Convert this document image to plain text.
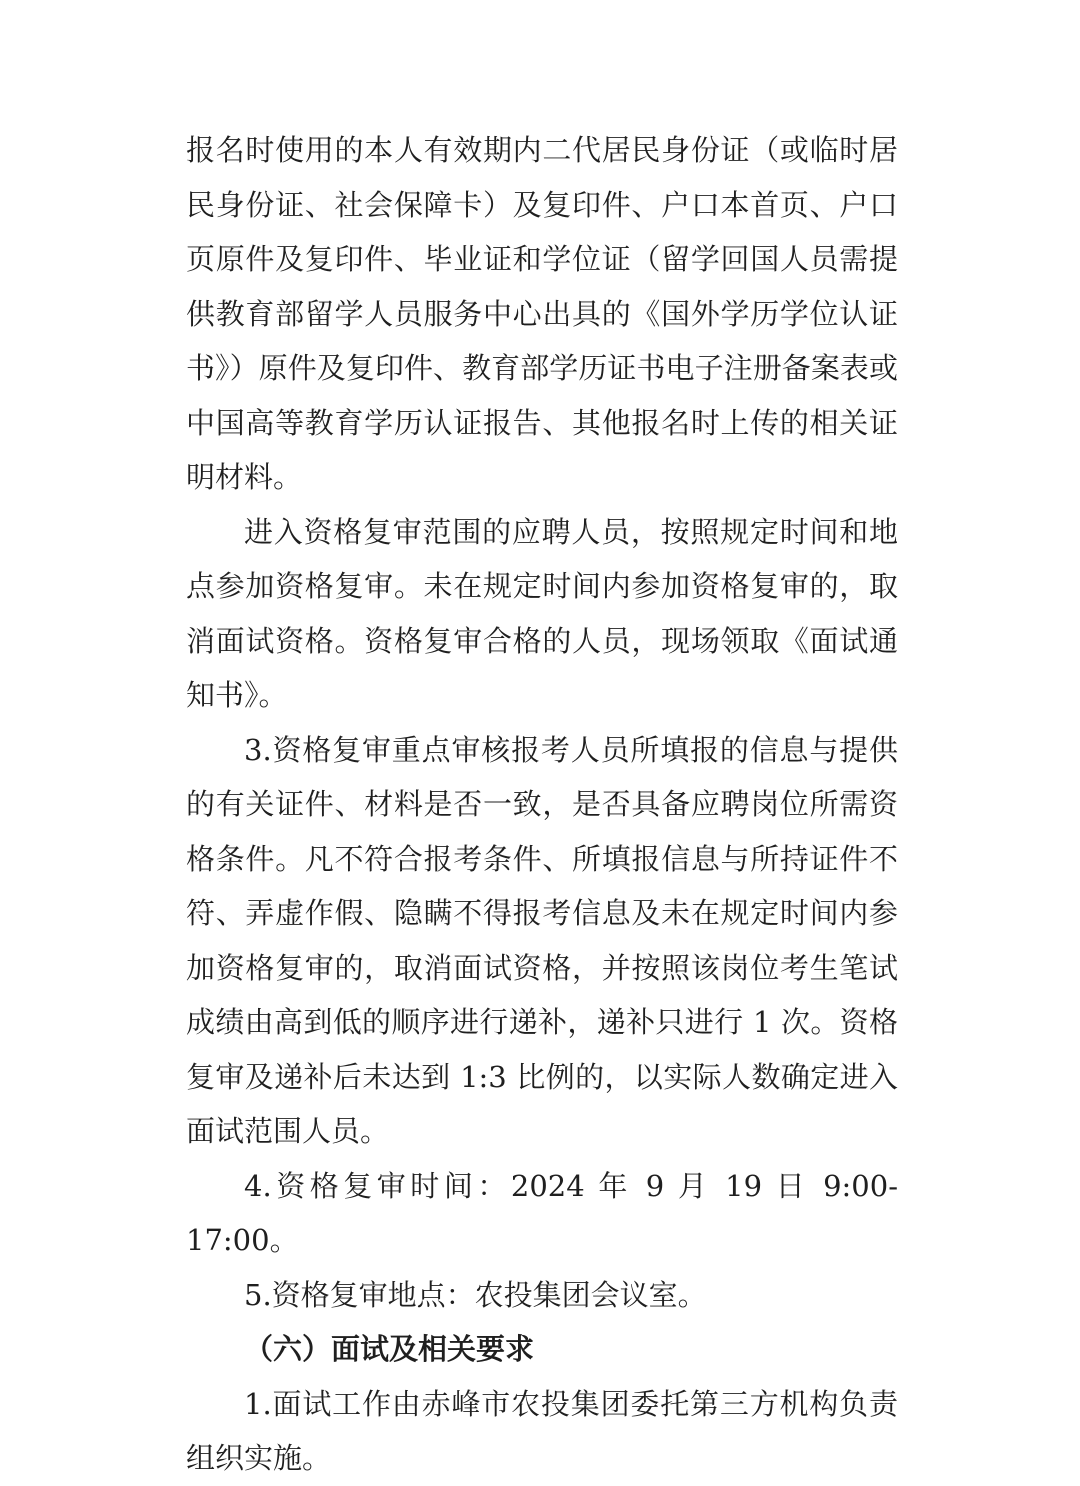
报名时使用的本人有效期内二代居民身份证（或临时居民身份证、社会保障卡）及复印件、户口本首页、户口页原件及复印件、毕业证和学位证（留学回国人员需提供教育部留学人员服务中心出具的《国外学历学位认证书》）原件及复印件、教育部学历证书电子注册备案表或中国高等教育学历认证报告、其他报名时上传的相关证明材料。

进入资格复审范围的应聘人员，按照规定时间和地点参加资格复审。未在规定时间内参加资格复审的，取消面试资格。资格复审合格的人员，现场领取《面试通知书》。

3.资格复审重点审核报考人员所填报的信息与提供的有关证件、材料是否一致，是否具备应聘岗位所需资格条件。凡不符合报考条件、所填报信息与所持证件不符、弄虚作假、隐瞒不得报考信息及未在规定时间内参加资格复审的，取消面试资格，并按照该岗位考生笔试成绩由高到低的顺序进行递补，递补只进行 1 次。资格复审及递补后未达到 1:3 比例的，以实际人数确定进入面试范围人员。

4.资格复审时间：2024 年 9 月 19 日 9:00-17:00。

5.资格复审地点：农投集团会议室。

（六）面试及相关要求

1.面试工作由赤峰市农投集团委托第三方机构负责组织实施。
